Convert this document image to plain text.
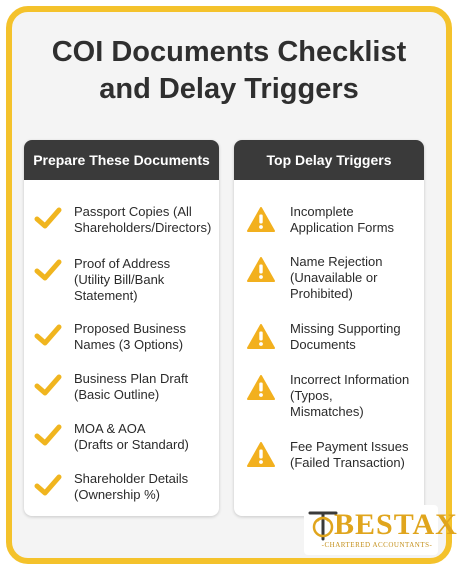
COI Documents Checklist
and Delay Triggers
Prepare These Documents
Passport Copies (All
Shareholders/Directors)
Proof of Address
(Utility Bill/Bank
Statement)
Proposed Business
Names (3 Options)
Business Plan Draft
(Basic Outline)
MOA & AOA
(Drafts or Standard)
Shareholder Details
(Ownership %)
Top Delay Triggers
Incomplete
Application Forms
Name Rejection
(Unavailable or
Prohibited)
Missing Supporting
Documents
Incorrect Information
(Typos,
Mismatches)
Fee Payment Issues
(Failed Transaction)
BESTAX
-CHARTERED ACCOUNTANTS-
